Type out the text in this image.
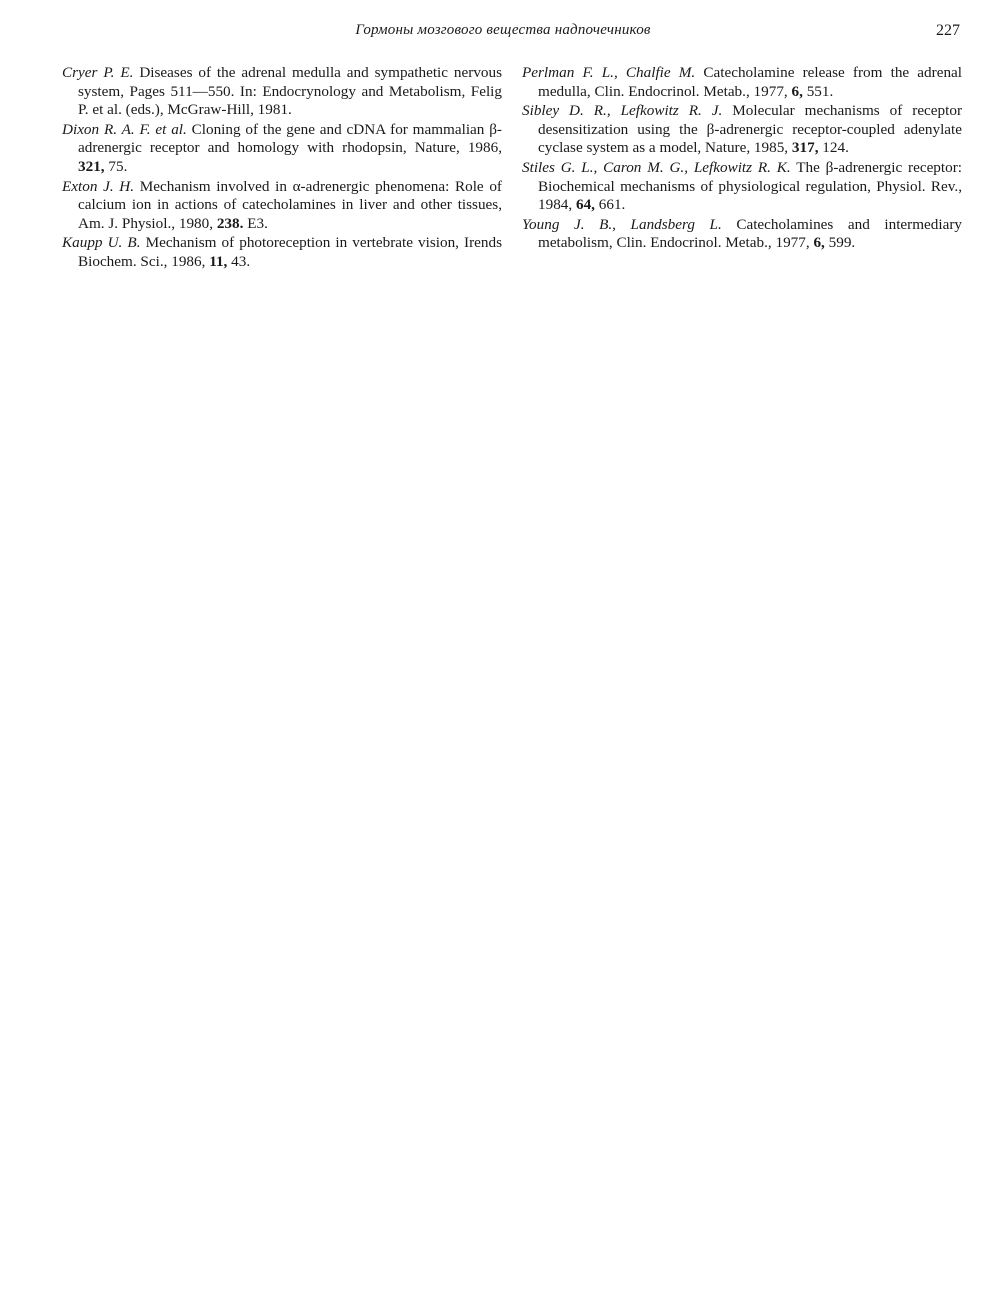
Гормоны мозгового вещества надпочечников	227

Cryer P. E. Diseases of the adrenal medulla and sympathetic nervous system, Pages 511—550. In: Endocrynology and Metabolism, Felig P. et al. (eds.), McGraw-Hill, 1981.

Dixon R. A. F. et al. Cloning of the gene and cDNA for mammalian β-adrenergic receptor and homology with rhodopsin, Nature, 1986, 321, 75.

Exton J. H. Mechanism involved in α-adrenergic phenomena: Role of calcium ion in actions of catecholamines in liver and other tissues, Am. J. Physiol., 1980, 238. E3.

Kaupp U. B. Mechanism of photoreception in vertebrate vision, Irends Biochem. Sci., 1986, 11, 43.

Perlman F. L., Chalfie M. Catecholamine release from the adrenal medulla, Clin. Endocrinol. Metab., 1977, 6, 551.

Sibley D. R., Lefkowitz R. J. Molecular mechanisms of receptor desensitization using the β-adrenergic receptor-coupled adenylate cyclase system as a model, Nature, 1985, 317, 124.

Stiles G. L., Caron M. G., Lefkowitz R. K. The β-adrenergic receptor: Biochemical mechanisms of physiological regulation, Physiol. Rev., 1984, 64, 661.

Young J. B., Landsberg L. Catecholamines and intermediary metabolism, Clin. Endocrinol. Metab., 1977, 6, 599.
